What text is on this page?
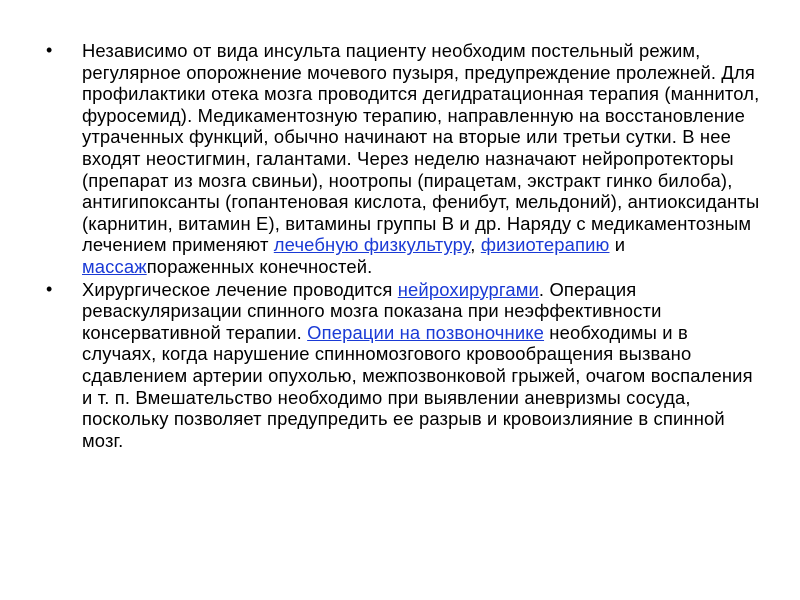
• Независимо от вида инсульта пациенту необходим постельный режим, регулярное опорожнение мочевого пузыря, предупреждение пролежней. Для профилактики отека мозга проводится дегидратационная терапия (маннитол, фуросемид). Медикаментозную терапию, направленную на восстановление утраченных функций, обычно начинают на вторые или третьи сутки. В нее входят неостигмин, галантами. Через неделю назначают нейропротекторы (препарат из мозга свиньи), ноотропы (пирацетам, экстракт гинко билоба), антигипоксанты (гопантеновая кислота, фенибут, мельдоний), антиоксиданты (карнитин, витамин Е), витамины группы В и др. Наряду с медикаментозным лечением применяют лечебную физкультуру, физиотерапию и массажпораженных конечностей.
• Хирургическое лечение проводится нейрохирургами. Операция реваскуляризации спинного мозга показана при неэффективности консервативной терапии. Операции на позвоночнике необходимы и в случаях, когда нарушение спинномозгового кровообращения вызвано сдавлением артерии опухолью, межпозвонковой грыжей, очагом воспаления и т. п. Вмешательство необходимо при выявлении аневризмы сосуда, поскольку позволяет предупредить ее разрыв и кровоизлияние в спинной мозг.
